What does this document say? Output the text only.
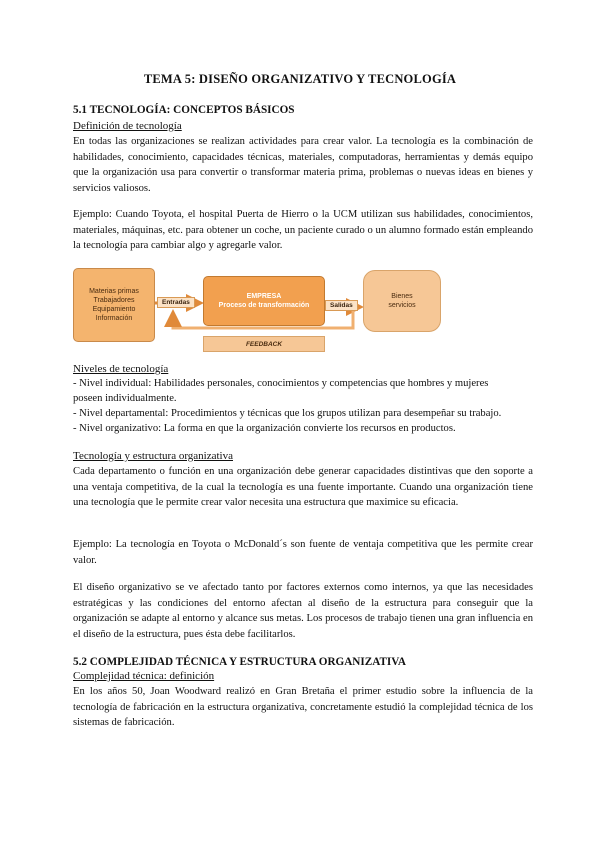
TEMA 5: DISEÑO ORGANIZATIVO Y TECNOLOGÍA
5.1 TECNOLOGÍA: CONCEPTOS BÁSICOS
Definición de tecnología
En todas las organizaciones se realizan actividades para crear valor. La tecnología es la combinación de habilidades, conocimiento, capacidades técnicas, materiales, computadoras, herramientas y demás equipo que la organización usa para convertir o transformar materia prima, problemas o nuevas ideas en bienes y servicios valiosos.
Ejemplo: Cuando Toyota, el hospital Puerta de Hierro o la UCM utilizan sus habilidades, conocimientos, materiales, máquinas, etc. para obtener un coche, un paciente curado o un alumno formado están empleando la tecnología para cambiar algo y agregarle valor.
Materias primas
Trabajadores
Equipamiento
Información
Entradas
EMPRESA
Proceso de transformación	Salidas
Bienes
servicios
FEEDBACK
Niveles de tecnología
- Nivel individual: Habilidades personales, conocimientos y competencias que hombres y mujeres
poseen individualmente.
- Nivel departamental: Procedimientos y técnicas que los grupos utilizan para desempeñar su trabajo.
- Nivel organizativo: La forma en que la organización convierte los recursos en productos.
Tecnología y estructura organizativa
Cada departamento o función en una organización debe generar capacidades distintivas que den soporte a una ventaja competitiva, de la cual la tecnología es una fuente importante. Cuando una organización tiene una tecnología que le permite crear valor necesita una estructura que maximice su eficacia.
Ejemplo: La tecnología en Toyota o McDonald´s son fuente de ventaja competitiva que les permite crear valor.
El diseño organizativo se ve afectado tanto por factores externos como internos, ya que las necesidades estratégicas y las condiciones del entorno afectan al diseño de la estructura para conseguir que la organización se adapte al entorno y alcance sus metas. Los procesos de trabajo tienen una gran influencia en el diseño de la estructura, pues ésta debe facilitarlos.
5.2 COMPLEJIDAD TÉCNICA Y ESTRUCTURA ORGANIZATIVA
Complejidad técnica: definición
En los años 50, Joan Woodward realizó en Gran Bretaña el primer estudio sobre la influencia de la tecnología de fabricación en la estructura organizativa, concretamente estudió la complejidad técnica de los sistemas de fabricación.
